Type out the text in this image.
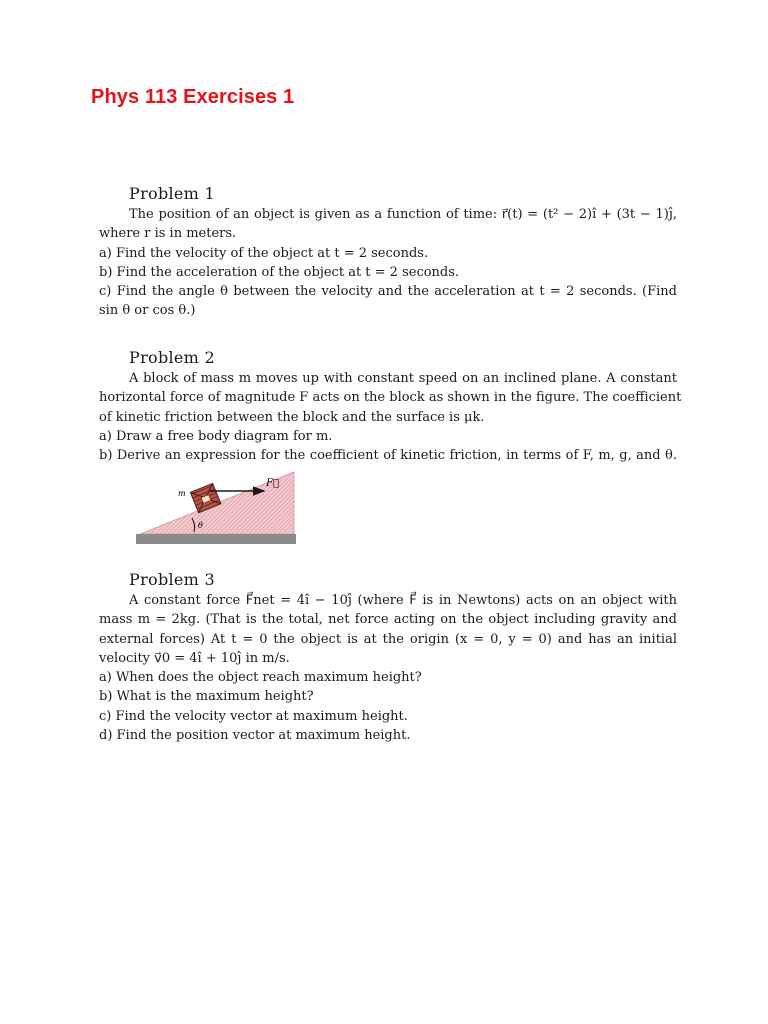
Phys 113 Exercises 1
Problem 1
The position of an object is given as a function of time: r⃗(t) = (t² − 2)î + (3t − 1)ĵ,
where r is in meters.
a) Find the velocity of the object at t = 2 seconds.
b) Find the acceleration of the object at t = 2 seconds.
c) Find the angle θ between the velocity and the acceleration at t = 2 seconds. (Find
sin θ or cos θ.)
Problem 2
A block of mass m moves up with constant speed on an inclined plane. A constant
horizontal force of magnitude F acts on the block as shown in the figure. The coefficient
of kinetic friction between the block and the surface is μk.
a) Draw a free body diagram for m.
b) Derive an expression for the coefficient of kinetic friction, in terms of F, m, g, and θ.
F⃗
m
θ
Problem 3
A constant force F⃗net = 4î − 10ĵ (where F⃗ is in Newtons) acts on an object with
mass m = 2kg. (That is the total, net force acting on the object including gravity and
external forces) At t = 0 the object is at the origin (x = 0, y = 0) and has an initial
velocity v⃗0 = 4î + 10ĵ in m/s.
a) When does the object reach maximum height?
b) What is the maximum height?
c) Find the velocity vector at maximum height.
d) Find the position vector at maximum height.
